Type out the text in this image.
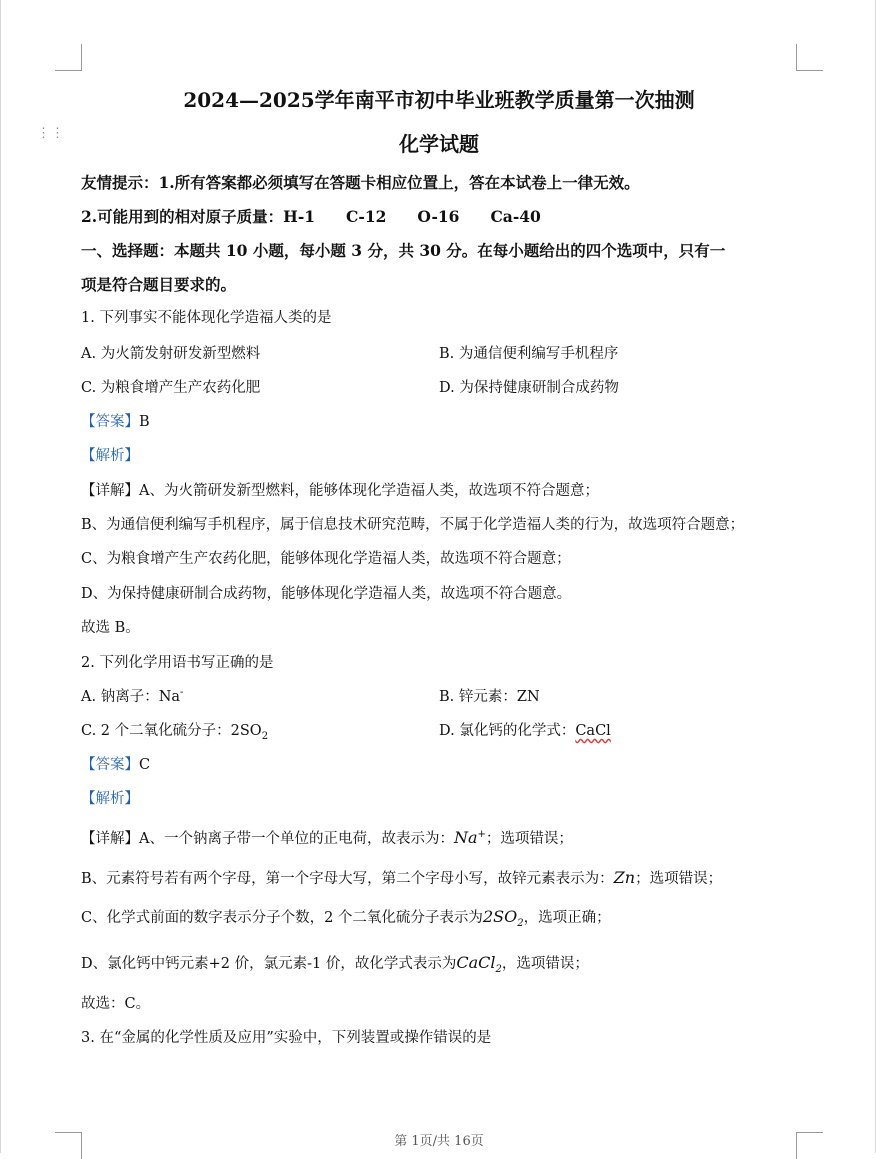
⋮⋮
2024—2025学年南平市初中毕业班教学质量第一次抽测
化学试题
友情提示：1.所有答案都必须填写在答题卡相应位置上，答在本试卷上一律无效。
2.可能用到的相对原子质量：H-1　　C-12　　O-16　　Ca-40
一、选择题：本题共 10 小题，每小题 3 分，共 30 分。在每小题给出的四个选项中，只有一
项是符合题目要求的。
1. 下列事实不能体现化学造福人类的是
A. 为火箭发射研发新型燃料	B. 为通信便利编写手机程序
C. 为粮食增产生产农药化肥	D. 为保持健康研制合成药物
【答案】B
【解析】
【详解】A、为火箭研发新型燃料，能够体现化学造福人类，故选项不符合题意；
B、为通信便利编写手机程序，属于信息技术研究范畴，不属于化学造福人类的行为，故选项符合题意；
C、为粮食增产生产农药化肥，能够体现化学造福人类，故选项不符合题意；
D、为保持健康研制合成药物，能够体现化学造福人类，故选项不符合题意。
故选 B。
2. 下列化学用语书写正确的是
A. 钠离子：Na-	B. 锌元素：ZN
C. 2 个二氧化硫分子：$2SO_2$	D. 氯化钙的化学式：CaCl
【答案】C
【解析】
【详解】A、一个钠离子带一个单位的正电荷，故表示为：Na+；选项错误；
B、元素符号若有两个字母，第一个字母大写，第二个字母小写，故锌元素表示为：Zn；选项错误；
C、化学式前面的数字表示分子个数，2 个二氧化硫分子表示为$2SO_2$，选项正确；
D、氯化钙中钙元素+2 价，氯元素-1 价，故化学式表示为CaCl$_2$，选项错误；
故选：C。
3. 在“金属的化学性质及应用”实验中，下列装置或操作错误的是
第 1页/共 16页
